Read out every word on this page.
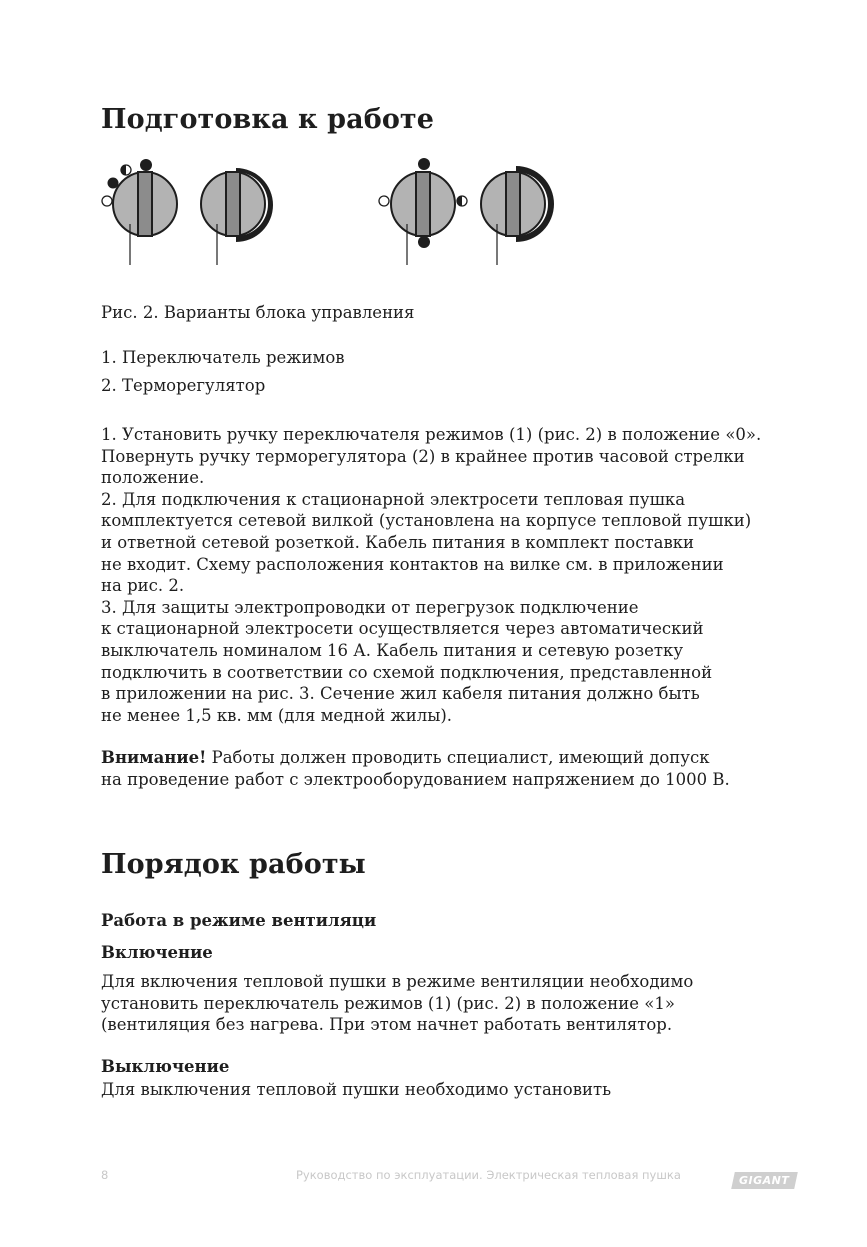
Подготовка к работе

Рис. 2. Варианты блока управления

1. Переключатель режимов

2. Терморегулятор

1. Установить ручку переключателя режимов (1) (рис. 2) в положение «0».
Повернуть ручку терморегулятора (2) в крайнее против часовой стрелки
положение.
2. Для подключения к стационарной электросети тепловая пушка
комплектуется сетевой вилкой (установлена на корпусе тепловой пушки)
и ответной сетевой розеткой. Кабель питания в комплект поставки
не входит. Схему расположения контактов на вилке см. в приложении
на рис. 2.
3. Для защиты электропроводки от перегрузок подключение
к стационарной электросети осуществляется через автоматический
выключатель номиналом 16 А. Кабель питания и сетевую розетку
подключить в соответствии со схемой подключения, представленной
в приложении на рис. 3. Сечение жил кабеля питания должно быть
не менее 1,5 кв. мм (для медной жилы).
Внимание! Работы должен проводить специалист, имеющий допуск
на проведение работ с электрооборудованием напряжением до 1000 В.
Порядок работы

Работа в режиме вентиляци

Включение

Для включения тепловой пушки в режиме вентиляции необходимо
установить переключатель режимов (1) (рис. 2) в положение «1»
(вентиляция без нагрева. При этом начнет работать вентилятор.

Выключение

Для выключения тепловой пушки необходимо установить
8	Руководство по эксплуатации. Электрическая тепловая пушка	GIGANT
